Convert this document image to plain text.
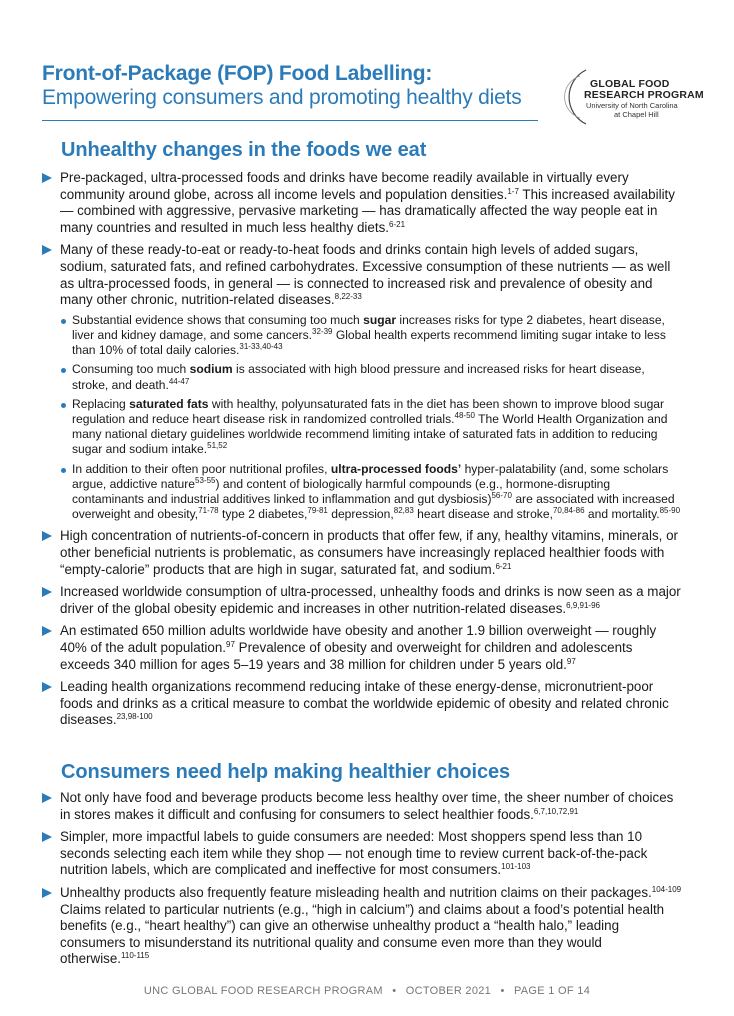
Front-of-Package (FOP) Food Labelling:
Empowering consumers and promoting healthy diets
GLOBAL FOOD
RESEARCH PROGRAM
University of North Carolina
at Chapel Hill
Unhealthy changes in the foods we eat
Pre-packaged, ultra-processed foods and drinks have become readily available in virtually every community around globe, across all income levels and population densities.$^{1-7}$ This increased availability — combined with aggressive, pervasive marketing — has dramatically affected the way people eat in many countries and resulted in much less healthy diets.$^{6-21}$
Many of these ready-to-eat or ready-to-heat foods and drinks contain high levels of added sugars, sodium, saturated fats, and refined carbohydrates. Excessive consumption of these nutrients — as well as ultra-processed foods, in general — is connected to increased risk and prevalence of obesity and many other chronic, nutrition-related diseases.$^{8,22-33}$
Substantial evidence shows that consuming too much sugar increases risks for type 2 diabetes, heart disease, liver and kidney damage, and some cancers.$^{32-39}$ Global health experts recommend limiting sugar intake to less than 10% of total daily calories.$^{31-33,40-43}$
Consuming too much sodium is associated with high blood pressure and increased risks for heart disease, stroke, and death.$^{44-47}$
Replacing saturated fats with healthy, polyunsaturated fats in the diet has been shown to improve blood sugar regulation and reduce heart disease risk in randomized controlled trials.$^{48-50}$ The World Health Organization and many national dietary guidelines worldwide recommend limiting intake of saturated fats in addition to reducing sugar and sodium intake.$^{51,52}$
In addition to their often poor nutritional profiles, ultra-processed foods’ hyper-palatability (and, some scholars argue, addictive nature$^{53-55}$) and content of biologically harmful compounds (e.g., hormone-disrupting contaminants and industrial additives linked to inflammation and gut dysbiosis)$^{56-70}$ are associated with increased overweight and obesity,$^{71-78}$ type 2 diabetes,$^{79-81}$ depression,$^{82,83}$ heart disease and stroke,$^{70,84-86}$ and mortality.$^{85-90}$
High concentration of nutrients-of-concern in products that offer few, if any, healthy vitamins, minerals, or other beneficial nutrients is problematic, as consumers have increasingly replaced healthier foods with “empty-calorie” products that are high in sugar, saturated fat, and sodium.$^{6-21}$
Increased worldwide consumption of ultra-processed, unhealthy foods and drinks is now seen as a major driver of the global obesity epidemic and increases in other nutrition-related diseases.$^{6,9,91-96}$
An estimated 650 million adults worldwide have obesity and another 1.9 billion overweight — roughly 40% of the adult population.$^{97}$ Prevalence of obesity and overweight for children and adolescents exceeds 340 million for ages 5–19 years and 38 million for children under 5 years old.$^{97}$
Leading health organizations recommend reducing intake of these energy-dense, micronutrient-poor foods and drinks as a critical measure to combat the worldwide epidemic of obesity and related chronic diseases.$^{23,98-100}$
Consumers need help making healthier choices
Not only have food and beverage products become less healthy over time, the sheer number of choices in stores makes it difficult and confusing for consumers to select healthier foods.$^{6,7,10,72,91}$
Simpler, more impactful labels to guide consumers are needed: Most shoppers spend less than 10 seconds selecting each item while they shop — not enough time to review current back-of-the-pack nutrition labels, which are complicated and ineffective for most consumers.$^{101-103}$
Unhealthy products also frequently feature misleading health and nutrition claims on their packages.$^{104-109}$ Claims related to particular nutrients (e.g., “high in calcium”) and claims about a food’s potential health benefits (e.g., “heart healthy”) can give an otherwise unhealthy product a “health halo,” leading consumers to misunderstand its nutritional quality and consume even more than they would otherwise.$^{110-115}$
UNC GLOBAL FOOD RESEARCH PROGRAM • OCTOBER 2021 • PAGE 1 OF 14
